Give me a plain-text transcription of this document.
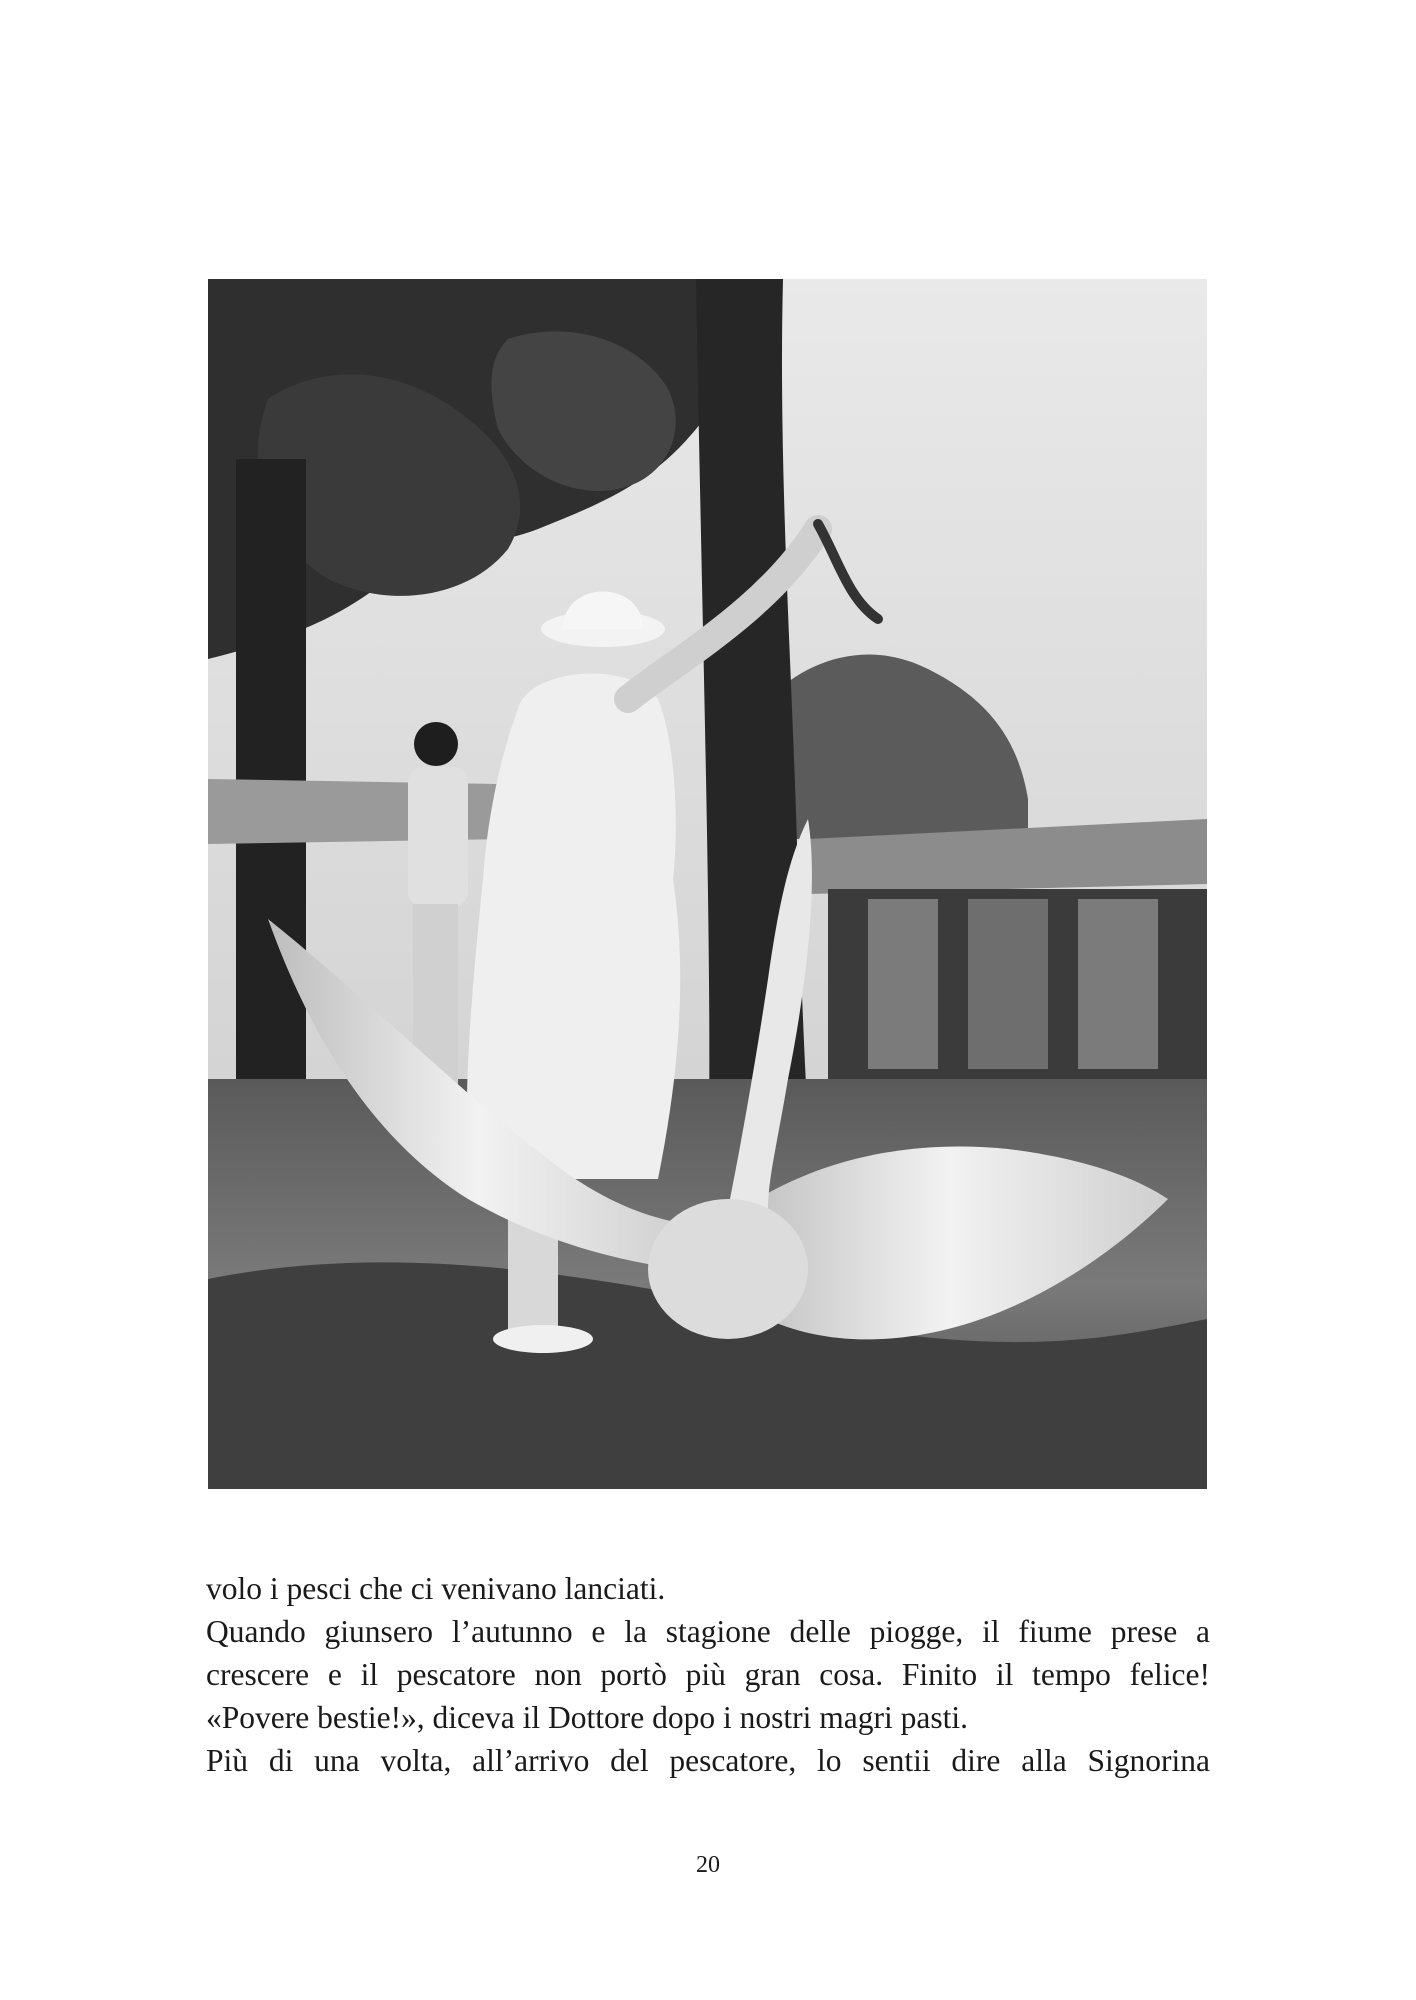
volo i pesci che ci venivano lanciati.
Quando giunsero l’autunno e la stagione delle piogge, il fiume prese a
crescere e il pescatore non portò più gran cosa. Finito il tempo felice!
«Povere bestie!», diceva il Dottore dopo i nostri magri pasti.
Più di una volta, all’arrivo del pescatore, lo sentii dire alla Signorina
20
